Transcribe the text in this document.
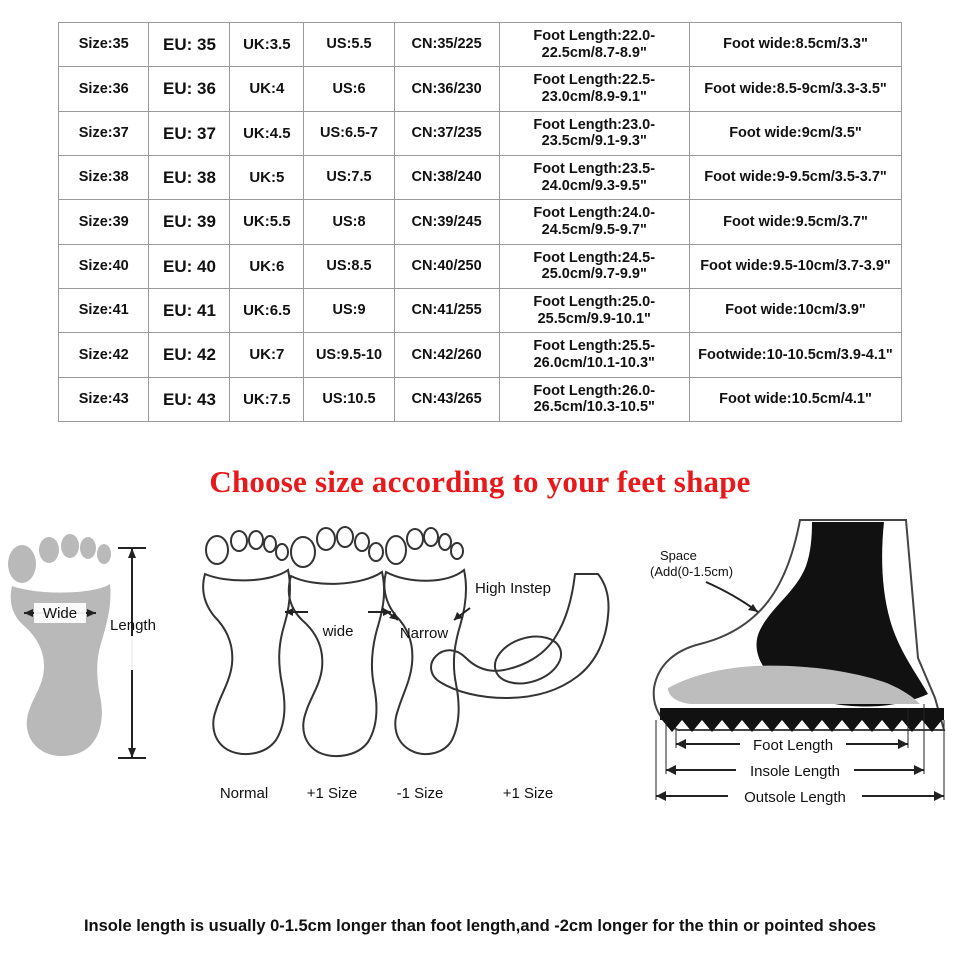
Size:35	EU: 35	UK:3.5	US:5.5	CN:35/225	Foot Length:22.0-22.5cm/8.7-8.9"	Foot wide:8.5cm/3.3"
Size:36	EU: 36	UK:4	US:6	CN:36/230	Foot Length:22.5-23.0cm/8.9-9.1"	Foot wide:8.5-9cm/3.3-3.5"
Size:37	EU: 37	UK:4.5	US:6.5-7	CN:37/235	Foot Length:23.0-23.5cm/9.1-9.3"	Foot wide:9cm/3.5"
Size:38	EU: 38	UK:5	US:7.5	CN:38/240	Foot Length:23.5-24.0cm/9.3-9.5"	Foot wide:9-9.5cm/3.5-3.7"
Size:39	EU: 39	UK:5.5	US:8	CN:39/245	Foot Length:24.0-24.5cm/9.5-9.7"	Foot wide:9.5cm/3.7"
Size:40	EU: 40	UK:6	US:8.5	CN:40/250	Foot Length:24.5-25.0cm/9.7-9.9"	Foot wide:9.5-10cm/3.7-3.9"
Size:41	EU: 41	UK:6.5	US:9	CN:41/255	Foot Length:25.0-25.5cm/9.9-10.1"	Foot wide:10cm/3.9"
Size:42	EU: 42	UK:7	US:9.5-10	CN:42/260	Foot Length:25.5-26.0cm/10.1-10.3"	Footwide:10-10.5cm/3.9-4.1"
Size:43	EU: 43	UK:7.5	US:10.5	CN:43/265	Foot Length:26.0-26.5cm/10.3-10.5"	Foot wide:10.5cm/4.1"
Choose size according to your feet shape
Wide
Length
Normal
wide
+1 Size
Narrow
-1 Size
High Instep
+1 Size
Space
(Add(0-1.5cm)
Foot Length
Insole Length
Outsole Length
Insole length is usually 0-1.5cm longer than foot length,and -2cm longer for the thin or pointed shoes
